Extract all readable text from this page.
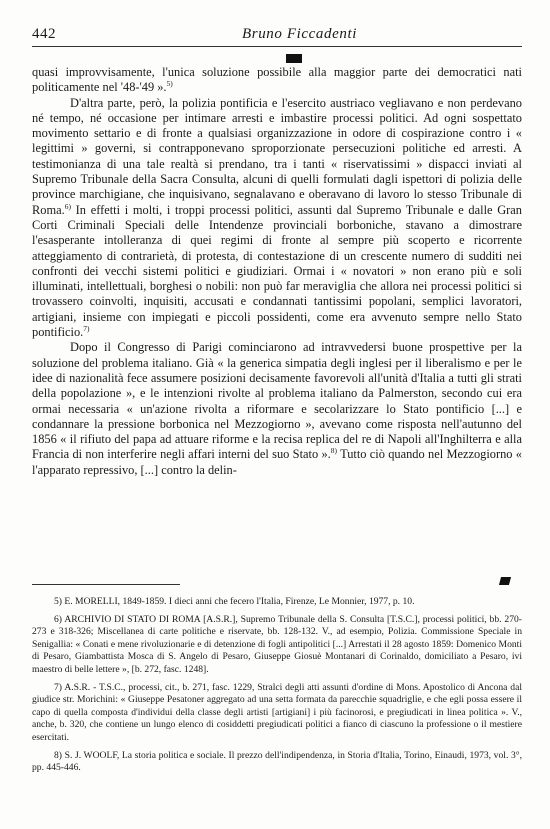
442	Bruno Ficcadenti

quasi improvvisamente, l'unica soluzione possibile alla maggior parte dei democratici nati politicamente nel '48-'49 ».$^{5)}$

D'altra parte, però, la polizia pontificia e l'esercito austriaco vegliavano e non perdevano né tempo, né occasione per intimare arresti e imbastire processi politici. Ad ogni sospettato movimento settario e di fronte a qualsiasi organizzazione in odore di cospirazione contro i « legittimi » governi, si contrapponevano sproporzionate persecuzioni politiche ed arresti. A testimonianza di una tale realtà si prendano, tra i tanti « riservatissimi » dispacci inviati al Supremo Tribunale della Sacra Consulta, alcuni di quelli formulati dagli ispettori di polizia delle province marchigiane, che inquisivano, segnalavano e oberavano di lavoro lo stesso Tribunale di Roma.$^{6)}$ In effetti i molti, i troppi processi politici, assunti dal Supremo Tribunale e dalle Gran Corti Criminali Speciali delle Intendenze provinciali borboniche, stavano a dimostrare l'esasperante intolleranza di quei regimi di fronte al sempre più scoperto e ricorrente atteggiamento di contrarietà, di protesta, di contestazione di un crescente numero di sudditi nei confronti dei vecchi sistemi politici e giudiziari. Ormai i « novatori » non erano più e soli illuminati, intellettuali, borghesi o nobili: non può far meraviglia che allora nei processi politici si trovassero coinvolti, inquisiti, accusati e condannati tantissimi popolani, semplici lavoratori, artigiani, insieme con impiegati e piccoli possidenti, come era avvenuto sempre nello Stato pontificio.$^{7)}$

Dopo il Congresso di Parigi cominciarono ad intravvedersi buone prospettive per la soluzione del problema italiano. Già « la generica simpatia degli inglesi per il liberalismo e per le idee di nazionalità fece assumere posizioni decisamente favorevoli all'unità d'Italia a tutti gli strati della popolazione », e le intenzioni rivolte al problema italiano da Palmerston, secondo cui era ormai necessaria « un'azione rivolta a riformare e secolarizzare lo Stato pontificio [...] e condannare la pressione borbonica nel Mezzogiorno », avevano come risposta nell'autunno del 1856 « il rifiuto del papa ad attuare riforme e la recisa replica del re di Napoli all'Inghilterra e alla Francia di non interferire negli affari interni del suo Stato ».$^{8)}$ Tutto ciò quando nel Mezzogiorno « l'apparato repressivo, [...] contro la delin-

5) E. MORELLI, 1849-1859. I dieci anni che fecero l'Italia, Firenze, Le Monnier, 1977, p. 10.

6) ARCHIVIO DI STATO DI ROMA [A.S.R.], Supremo Tribunale della S. Consulta [T.S.C.], processi politici, bb. 270-273 e 318-326; Miscellanea di carte politiche e riservate, bb. 128-132. V., ad esempio, Polizia. Commissione Speciale in Senigallia: « Conati e mene rivoluzionarie e di detenzione di fogli antipolitici [...] Arrestati il 28 agosto 1859: Domenico Monti di Pesaro, Giambattista Mosca di S. Angelo di Pesaro, Giuseppe Giosuè Montanari di Corinaldo, domiciliato a Pesaro, ivi maestro di belle lettere », [b. 272, fasc. 1248].

7) A.S.R. - T.S.C., processi, cit., b. 271, fasc. 1229, Stralci degli atti assunti d'ordine di Mons. Apostolico di Ancona dal giudice str. Morichini: « Giuseppe Pesatoner aggregato ad una setta formata da parecchie squadriglie, e che egli possa essere il capo di quella composta d'individui della classe degli artisti [artigiani] i più facinorosi, e pregiudicati in linea politica ». V., anche, b. 320, che contiene un lungo elenco di cosiddetti pregiudicati politici a fianco di ciascuno la professione o il mestiere esercitati.

8) S. J. WOOLF, La storia politica e sociale. Il prezzo dell'indipendenza, in Storia d'Italia, Torino, Einaudi, 1973, vol. 3°, pp. 445-446.
